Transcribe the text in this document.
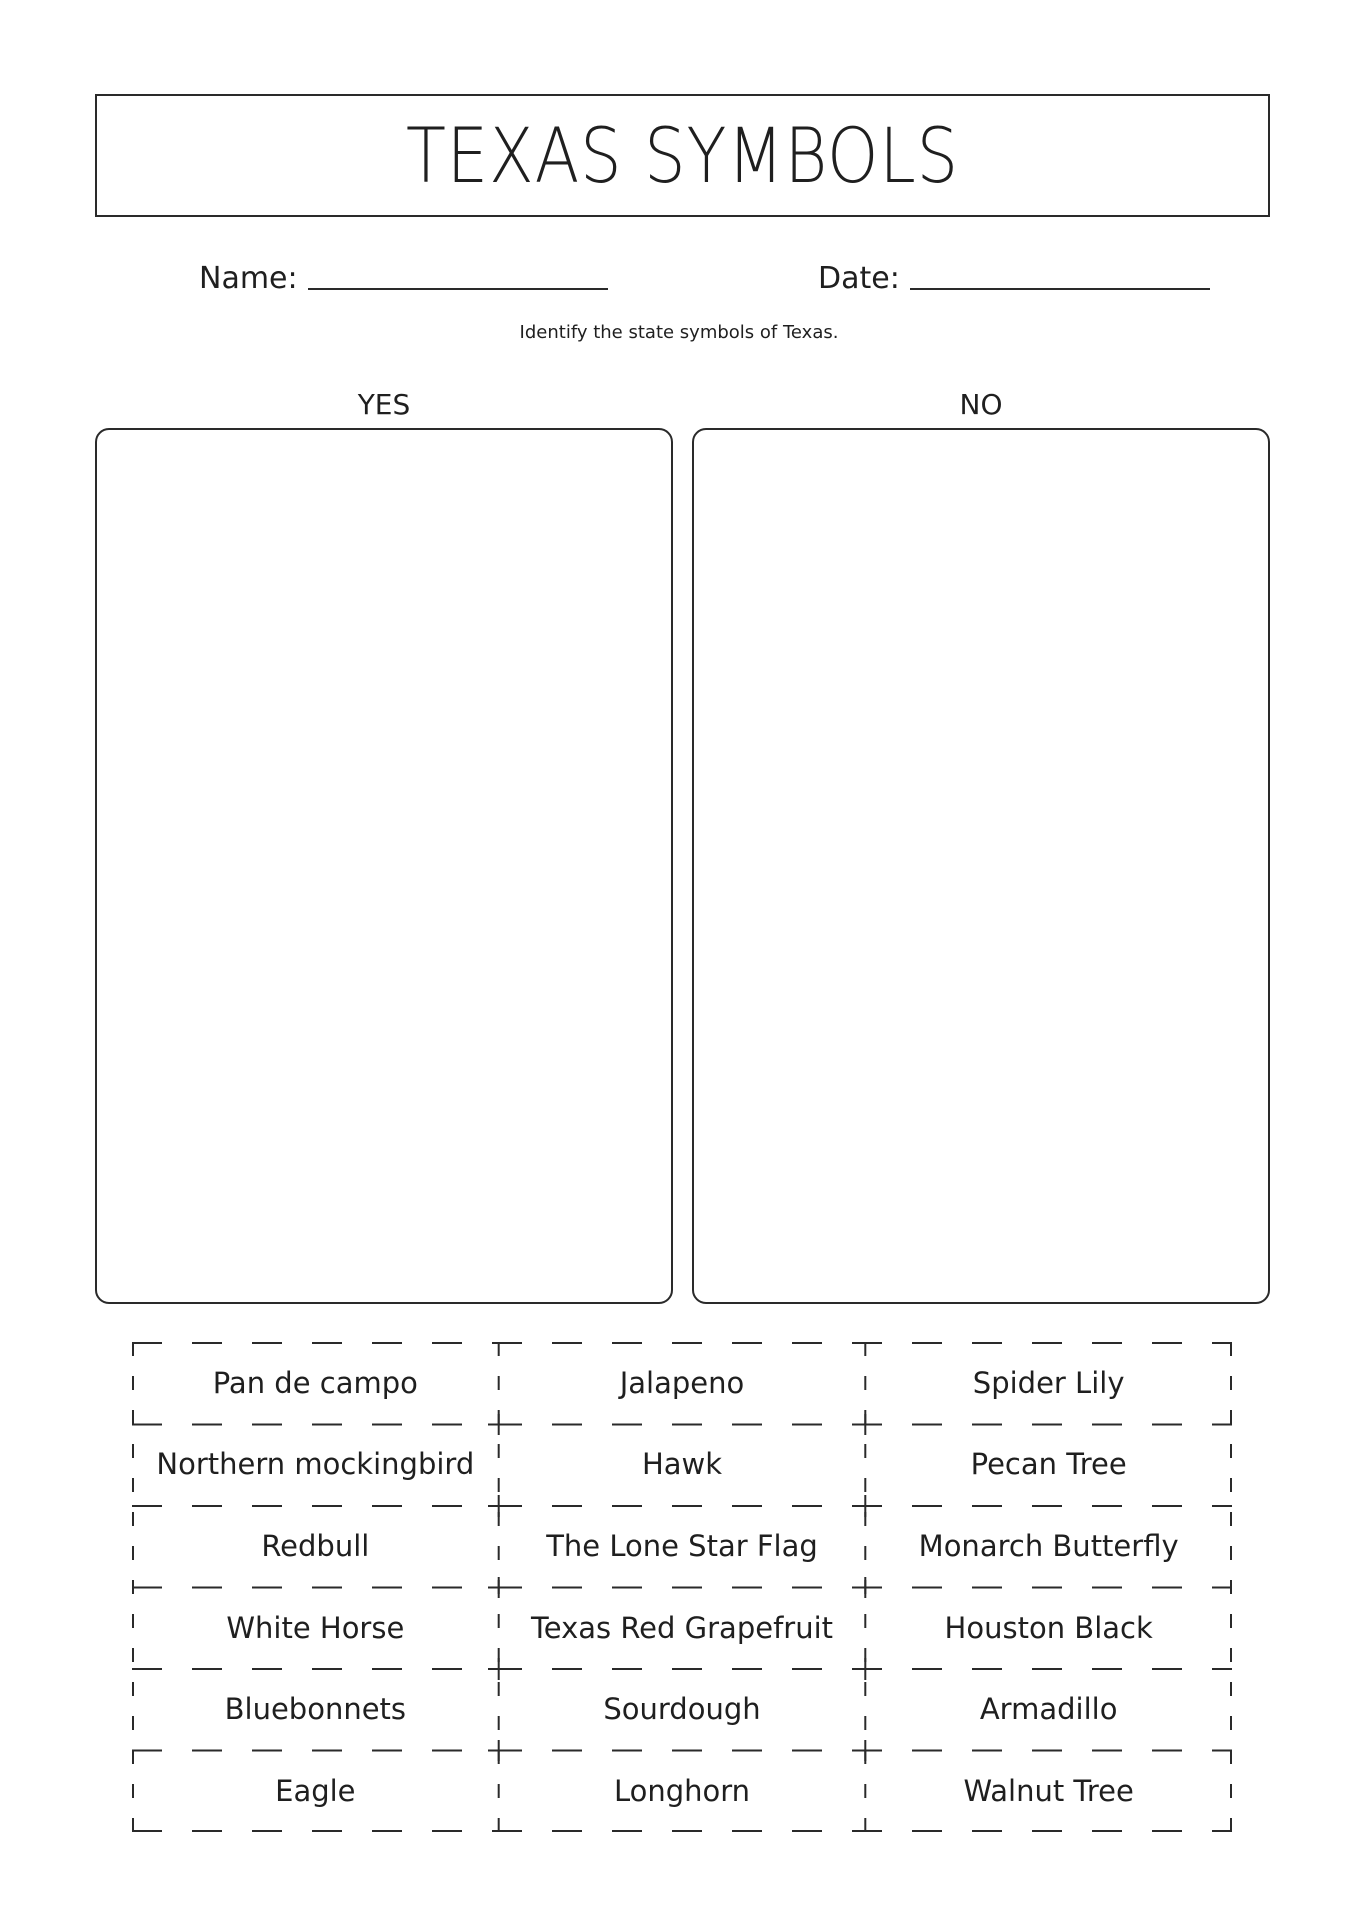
TEXAS SYMBOLS
Name:	Date:
Identify the state symbols of Texas.
YES	NO
Pan de campo	Jalapeno	Spider Lily
Northern mockingbird	Hawk	Pecan Tree
Redbull	The Lone Star Flag	Monarch Butterfly
White Horse	Texas Red Grapefruit	Houston Black
Bluebonnets	Sourdough	Armadillo
Eagle	Longhorn	Walnut Tree
